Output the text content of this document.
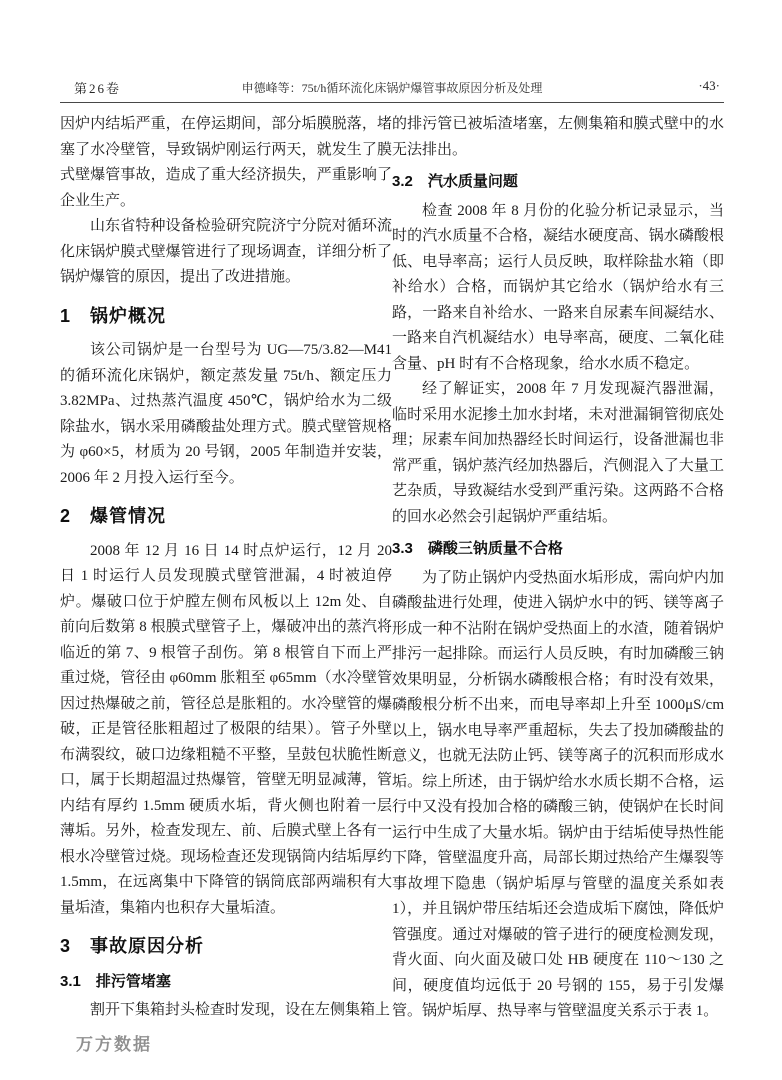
第26卷	申德峰等：75t/h循环流化床锅炉爆管事故原因分析及处理	·43·

因炉内结垢严重，在停运期间，部分垢膜脱落，堵塞了水冷壁管，导致锅炉刚运行两天，就发生了膜式壁爆管事故，造成了重大经济损失，严重影响了企业生产。

山东省特种设备检验研究院济宁分院对循环流化床锅炉膜式壁爆管进行了现场调查，详细分析了锅炉爆管的原因，提出了改进措施。

1　锅炉概况

该公司锅炉是一台型号为 UG—75/3.82—M41 的循环流化床锅炉，额定蒸发量 75t/h、额定压力 3.82MPa、过热蒸汽温度 450℃，锅炉给水为二级除盐水，锅水采用磷酸盐处理方式。膜式壁管规格为 φ60×5，材质为 20 号钢，2005 年制造并安装，2006 年 2 月投入运行至今。

2　爆管情况

2008 年 12 月 16 日 14 时点炉运行，12 月 20 日 1 时运行人员发现膜式壁管泄漏，4 时被迫停炉。爆破口位于炉膛左侧布风板以上 12m 处、自前向后数第 8 根膜式壁管子上，爆破冲出的蒸汽将临近的第 7、9 根管子刮伤。第 8 根管自下而上严重过烧，管径由 φ60mm 胀粗至 φ65mm（水冷壁管因过热爆破之前，管径总是胀粗的。水冷壁管的爆破，正是管径胀粗超过了极限的结果）。管子外壁布满裂纹，破口边缘粗糙不平整，呈鼓包状脆性断口，属于长期超温过热爆管，管壁无明显减薄，管内结有厚约 1.5mm 硬质水垢，背火侧也附着一层薄垢。另外，检查发现左、前、后膜式壁上各有一根水冷壁管过烧。现场检查还发现锅筒内结垢厚约 1.5mm，在远离集中下降管的锅筒底部两端积有大量垢渣，集箱内也积存大量垢渣。

3　事故原因分析
3.1　排污管堵塞

割开下集箱封头检查时发现，设在左侧集箱上

的排污管已被垢渣堵塞，左侧集箱和膜式壁中的水无法排出。

3.2　汽水质量问题

检查 2008 年 8 月份的化验分析记录显示，当时的汽水质量不合格，凝结水硬度高、锅水磷酸根低、电导率高；运行人员反映，取样除盐水箱（即补给水）合格，而锅炉其它给水（锅炉给水有三路，一路来自补给水、一路来自尿素车间凝结水、一路来自汽机凝结水）电导率高，硬度、二氧化硅含量、pH 时有不合格现象，给水水质不稳定。

经了解证实，2008 年 7 月发现凝汽器泄漏，临时采用水泥掺土加水封堵，未对泄漏铜管彻底处理；尿素车间加热器经长时间运行，设备泄漏也非常严重，锅炉蒸汽经加热器后，汽侧混入了大量工艺杂质，导致凝结水受到严重污染。这两路不合格的回水必然会引起锅炉严重结垢。

3.3　磷酸三钠质量不合格

为了防止锅炉内受热面水垢形成，需向炉内加磷酸盐进行处理，使进入锅炉水中的钙、镁等离子形成一种不沾附在锅炉受热面上的水渣，随着锅炉排污一起排除。而运行人员反映，有时加磷酸三钠效果明显，分析锅水磷酸根合格；有时没有效果，磷酸根分析不出来，而电导率却上升至 1000μS/cm 以上，锅水电导率严重超标，失去了投加磷酸盐的意义，也就无法防止钙、镁等离子的沉积而形成水垢。综上所述，由于锅炉给水水质长期不合格，运行中又没有投加合格的磷酸三钠，使锅炉在长时间运行中生成了大量水垢。锅炉由于结垢使导热性能下降，管壁温度升高，局部长期过热给产生爆裂等事故埋下隐患（锅炉垢厚与管壁的温度关系如表 1），并且锅炉带压结垢还会造成垢下腐蚀，降低炉管强度。通过对爆破的管子进行的硬度检测发现，背火面、向火面及破口处 HB 硬度在 110～130 之间，硬度值均远低于 20 号钢的 155，易于引发爆管。锅炉垢厚、热导率与管壁温度关系示于表 1。

万方数据
